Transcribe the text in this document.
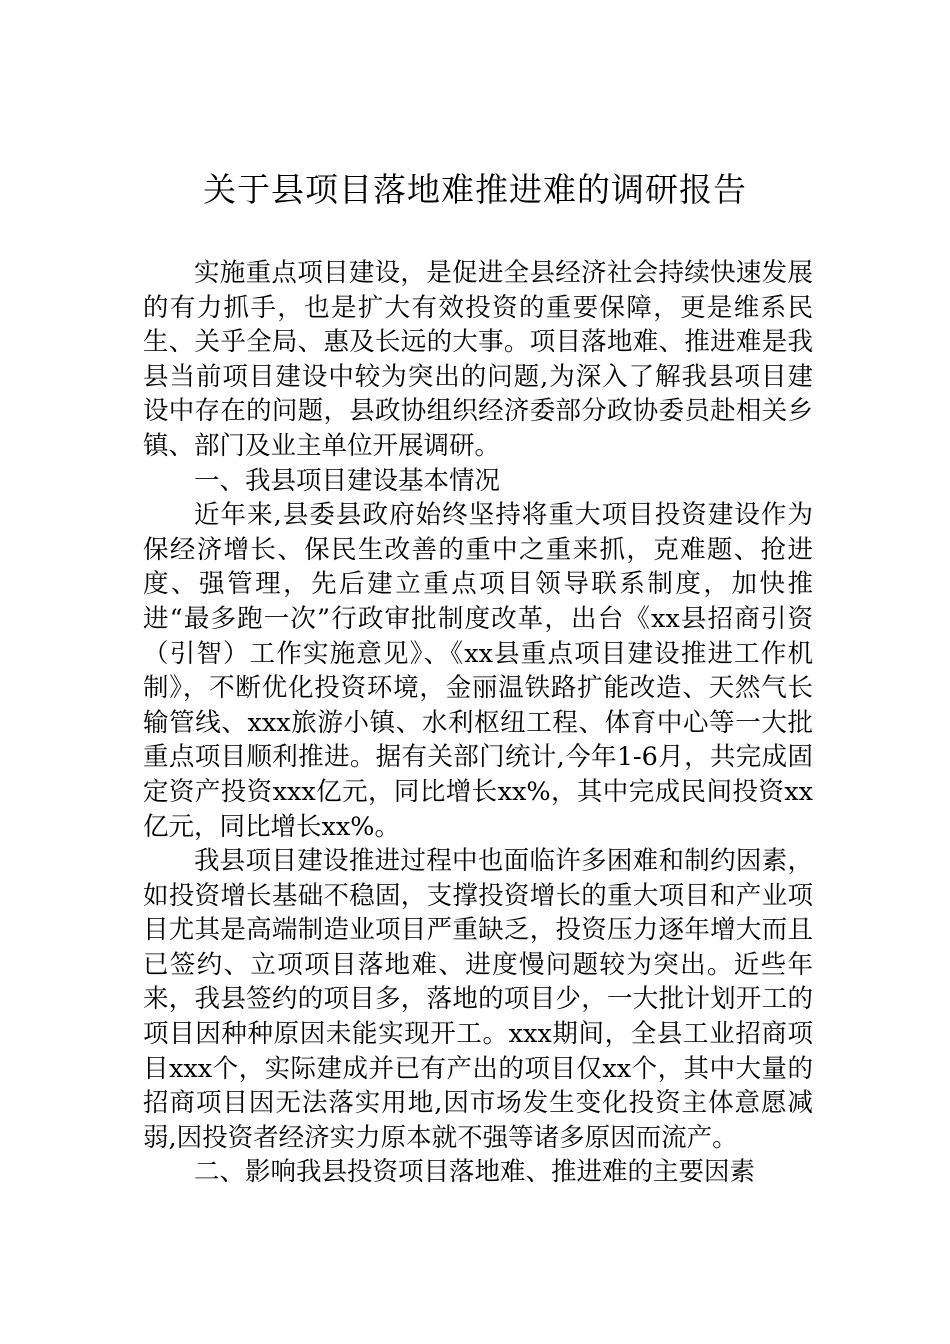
关于县项目落地难推进难的调研报告

实施重点项目建设，是促进全县经济社会持续快速发展的有力抓手，也是扩大有效投资的重要保障，更是维系民生、关乎全局、惠及长远的大事。项目落地难、推进难是我县当前项目建设中较为突出的问题,为深入了解我县项目建设中存在的问题，县政协组织经济委部分政协委员赴相关乡镇、部门及业主单位开展调研。

一、我县项目建设基本情况

近年来,县委县政府始终坚持将重大项目投资建设作为保经济增长、保民生改善的重中之重来抓，克难题、抢进度、强管理，先后建立重点项目领导联系制度，加快推进“最多跑一次”行政审批制度改革，出台《xx县招商引资（引智）工作实施意见》、《xx县重点项目建设推进工作机制》，不断优化投资环境，金丽温铁路扩能改造、天然气长输管线、xxx旅游小镇、水利枢纽工程、体育中心等一大批重点项目顺利推进。据有关部门统计,今年1-6月，共完成固定资产投资xxx亿元，同比增长xx%，其中完成民间投资xx亿元，同比增长xx%。

我县项目建设推进过程中也面临许多困难和制约因素，如投资增长基础不稳固，支撑投资增长的重大项目和产业项目尤其是高端制造业项目严重缺乏，投资压力逐年增大而且已签约、立项项目落地难、进度慢问题较为突出。近些年来，我县签约的项目多，落地的项目少，一大批计划开工的项目因种种原因未能实现开工。xxx期间，全县工业招商项目xxx个，实际建成并已有产出的项目仅xx个，其中大量的招商项目因无法落实用地,因市场发生变化投资主体意愿减弱,因投资者经济实力原本就不强等诸多原因而流产。

二、影响我县投资项目落地难、推进难的主要因素
